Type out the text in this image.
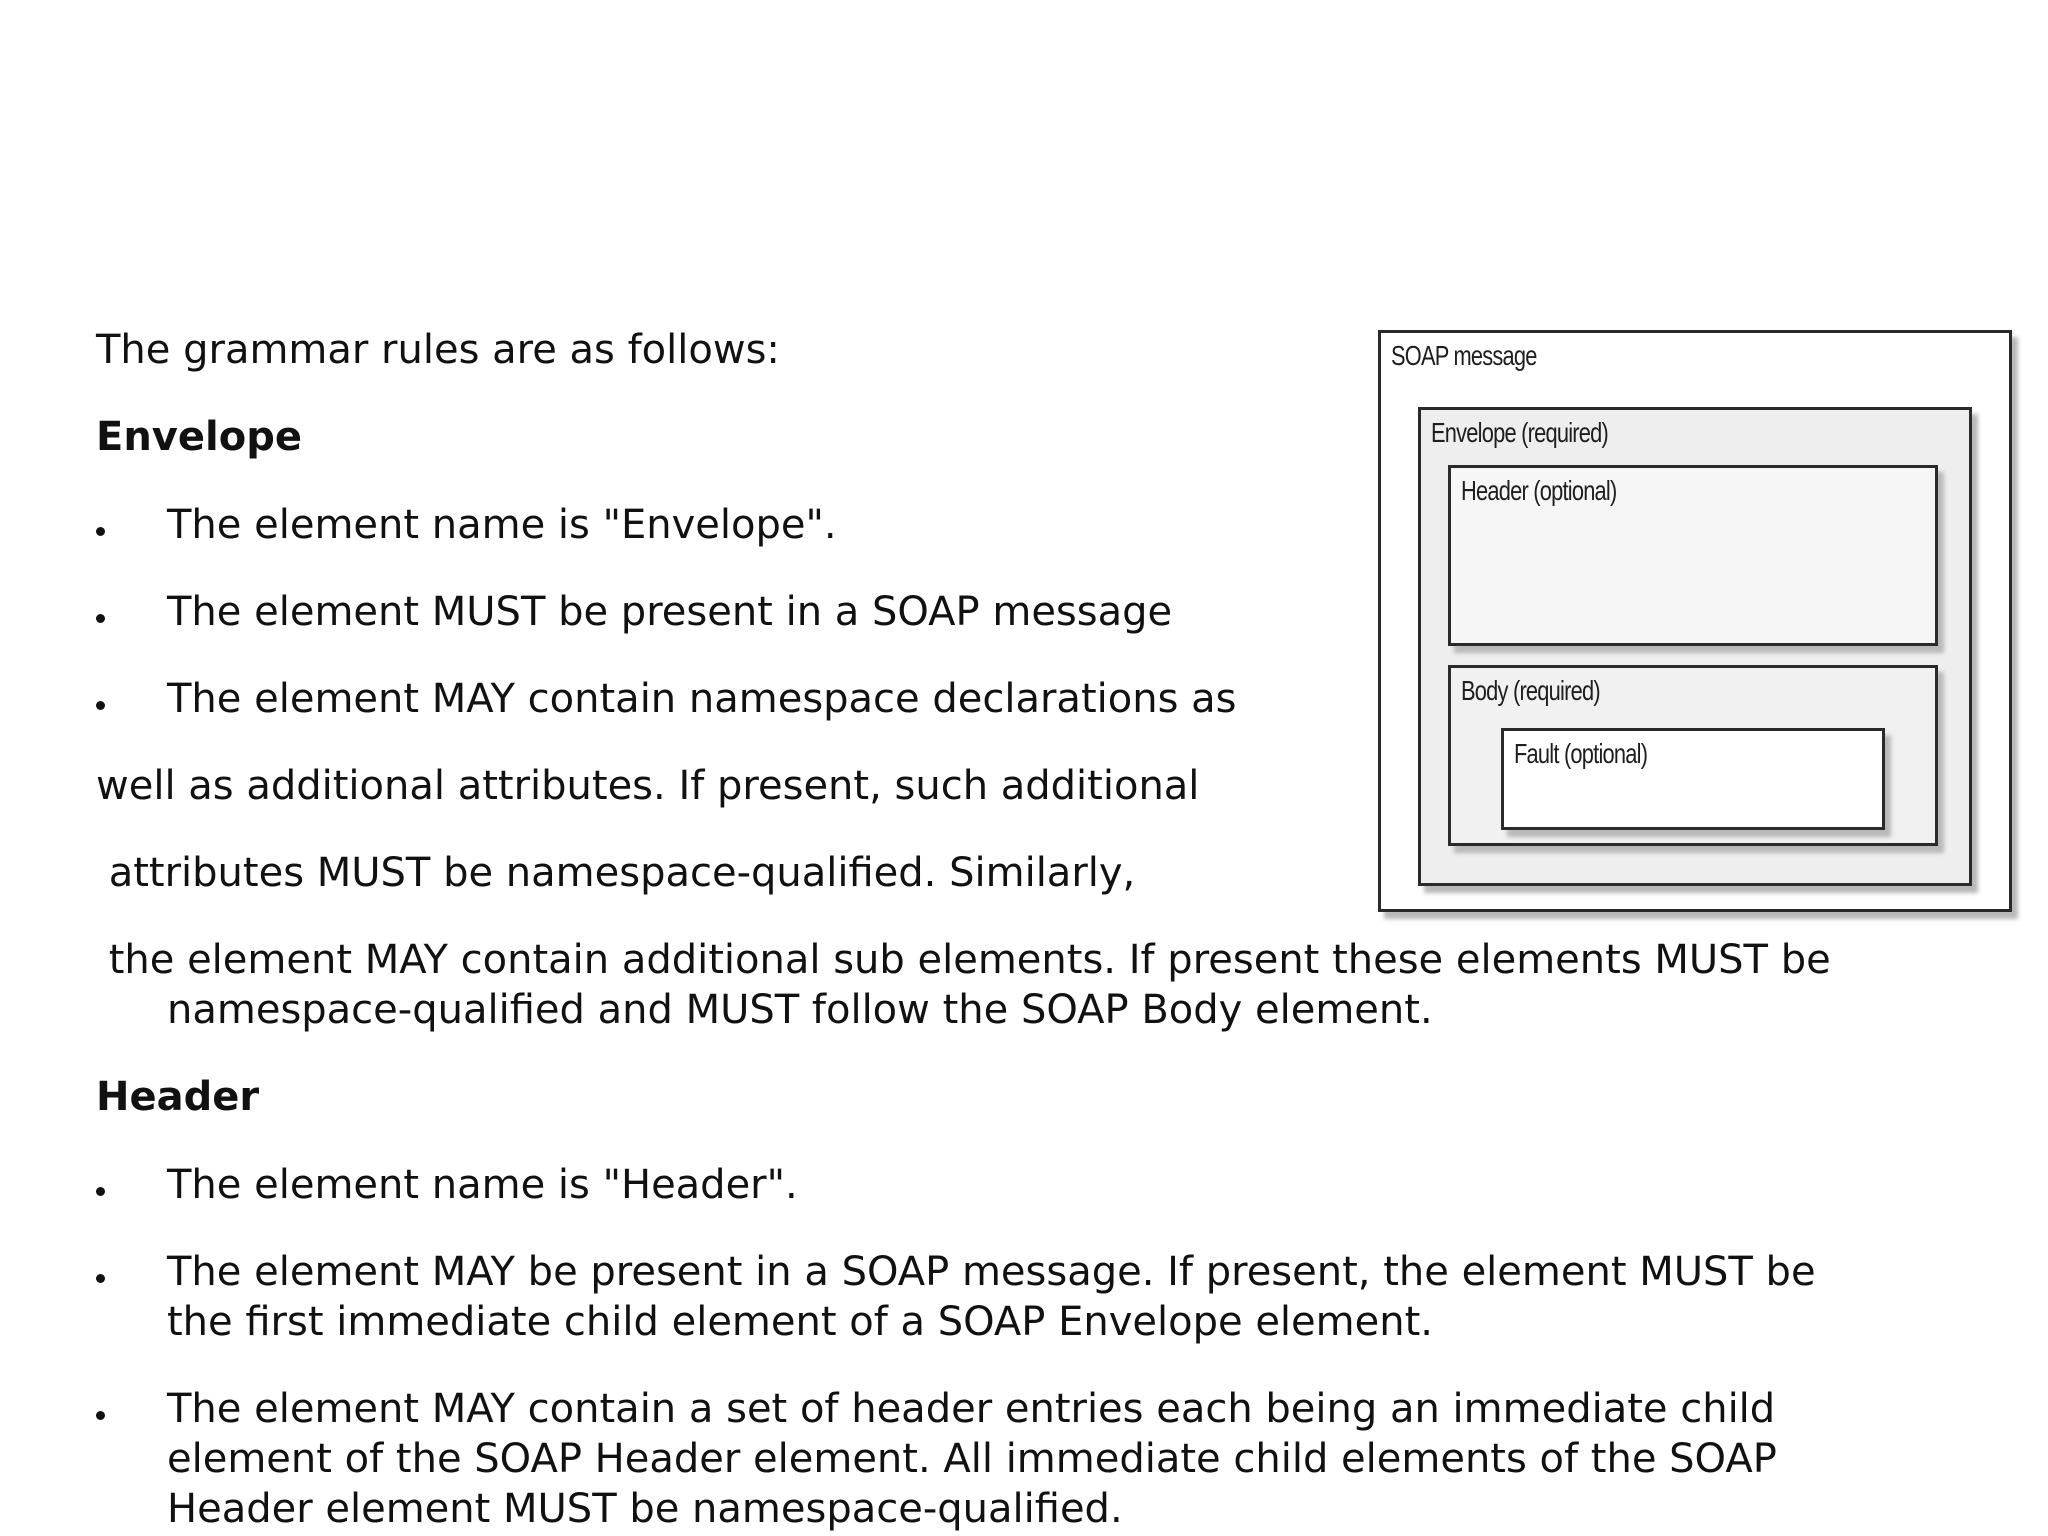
The grammar rules are as follows:
Envelope
The element name is "Envelope".
The element MUST be present in a SOAP message
The element MAY contain namespace declarations as
well as additional attributes. If present, such additional
attributes MUST be namespace-qualified. Similarly,
the element MAY contain additional sub elements. If present these elements MUST be
namespace-qualified and MUST follow the SOAP Body element.
Header
The element name is "Header".
The element MAY be present in a SOAP message. If present, the element MUST be
the first immediate child element of a SOAP Envelope element.
The element MAY contain a set of header entries each being an immediate child
element of the SOAP Header element. All immediate child elements of the SOAP
Header element MUST be namespace-qualified.
SOAP message
Envelope (required)
Header (optional)
Body (required)
Fault (optional)
